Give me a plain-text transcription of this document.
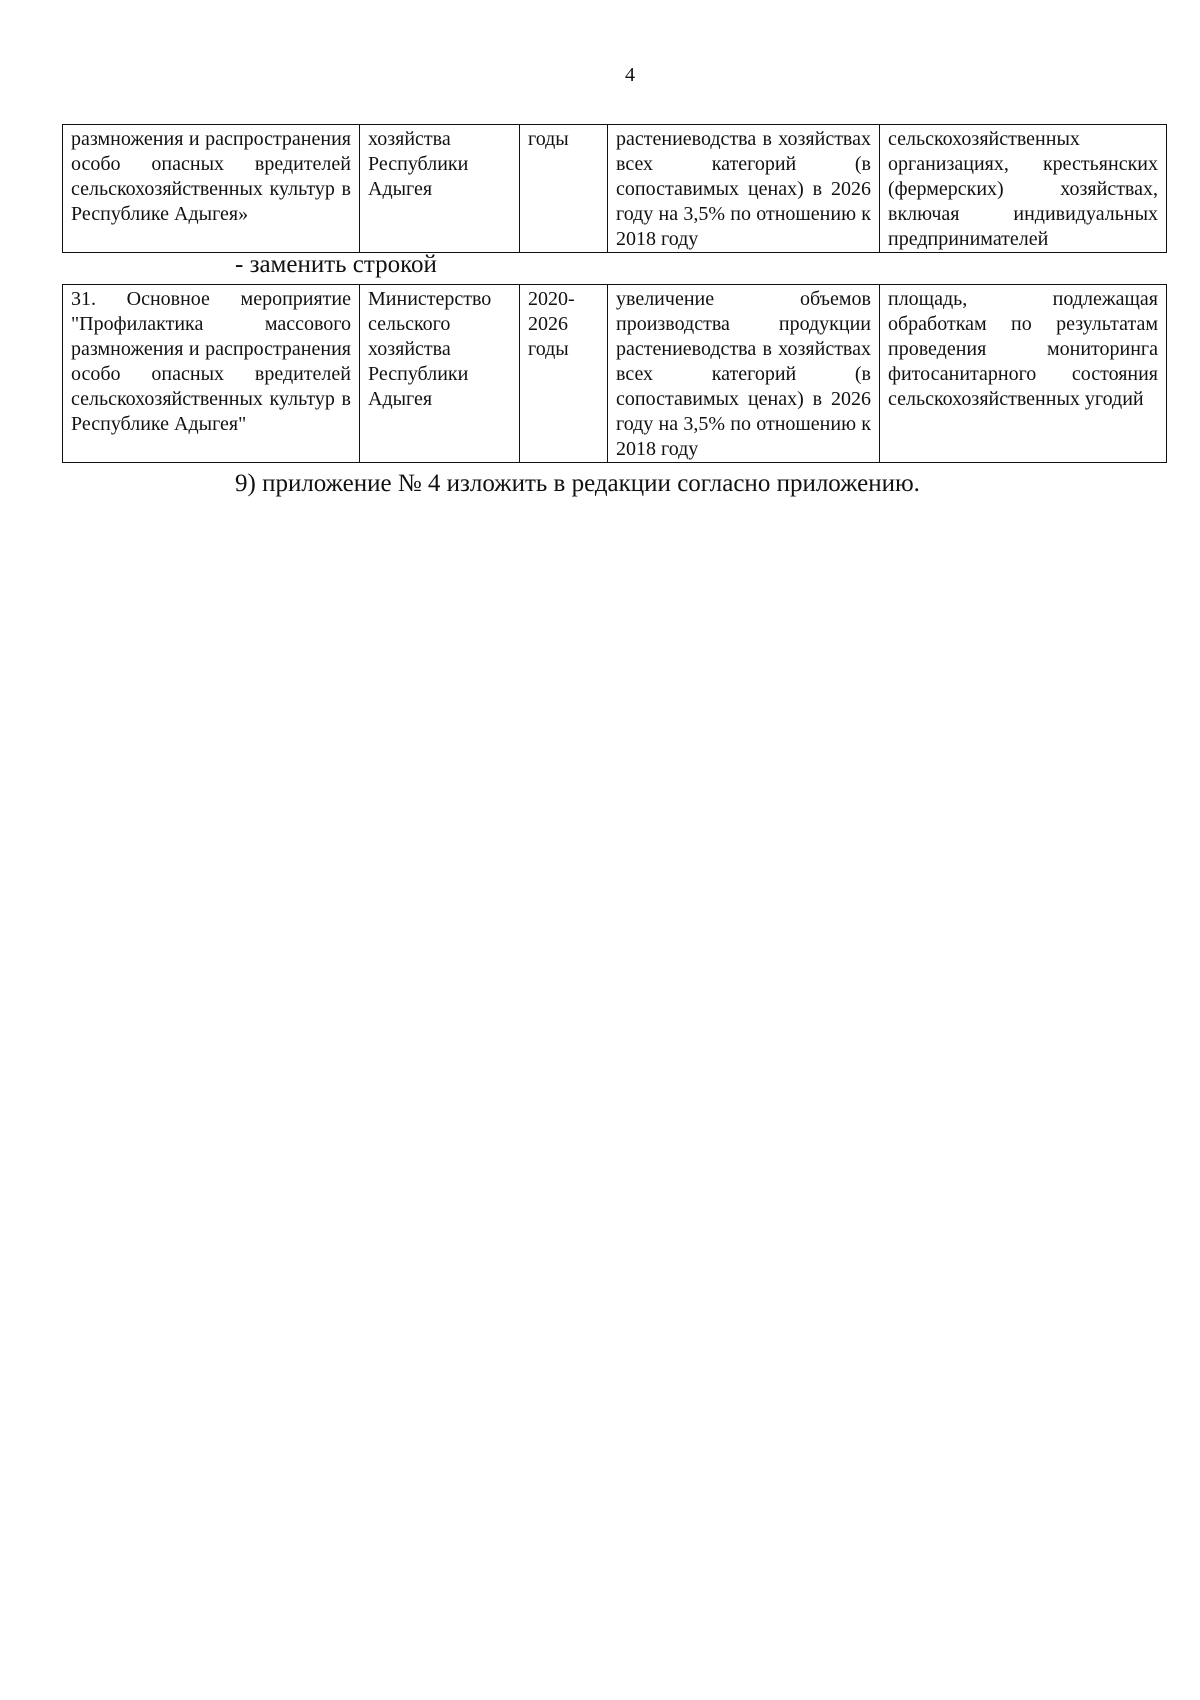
4
размножения и распространения особо опасных вредителей сельскохозяйственных культур в Республике Адыгея»	хозяйства Республики Адыгея	годы	растениеводства в хозяйствах всех категорий (в сопоставимых ценах) в 2026 году на 3,5% по отношению к 2018 году	сельскохозяйственных организациях, крестьянских (фермерских) хозяйствах, включая индивидуальных предпринимателей
- заменить строкой
31. Основное мероприятие "Профилактика массового размножения и распространения особо опасных вредителей сельскохозяйственных культур в Республике Адыгея"	Министерство сельского хозяйства Республики Адыгея	2020-2026 годы	увеличение объемов производства продукции растениеводства в хозяйствах всех категорий (в сопоставимых ценах) в 2026 году на 3,5% по отношению к 2018 году	площадь, подлежащая обработкам по результатам проведения мониторинга фитосанитарного состояния сельскохозяйственных угодий
9) приложение № 4 изложить в редакции согласно приложению.
